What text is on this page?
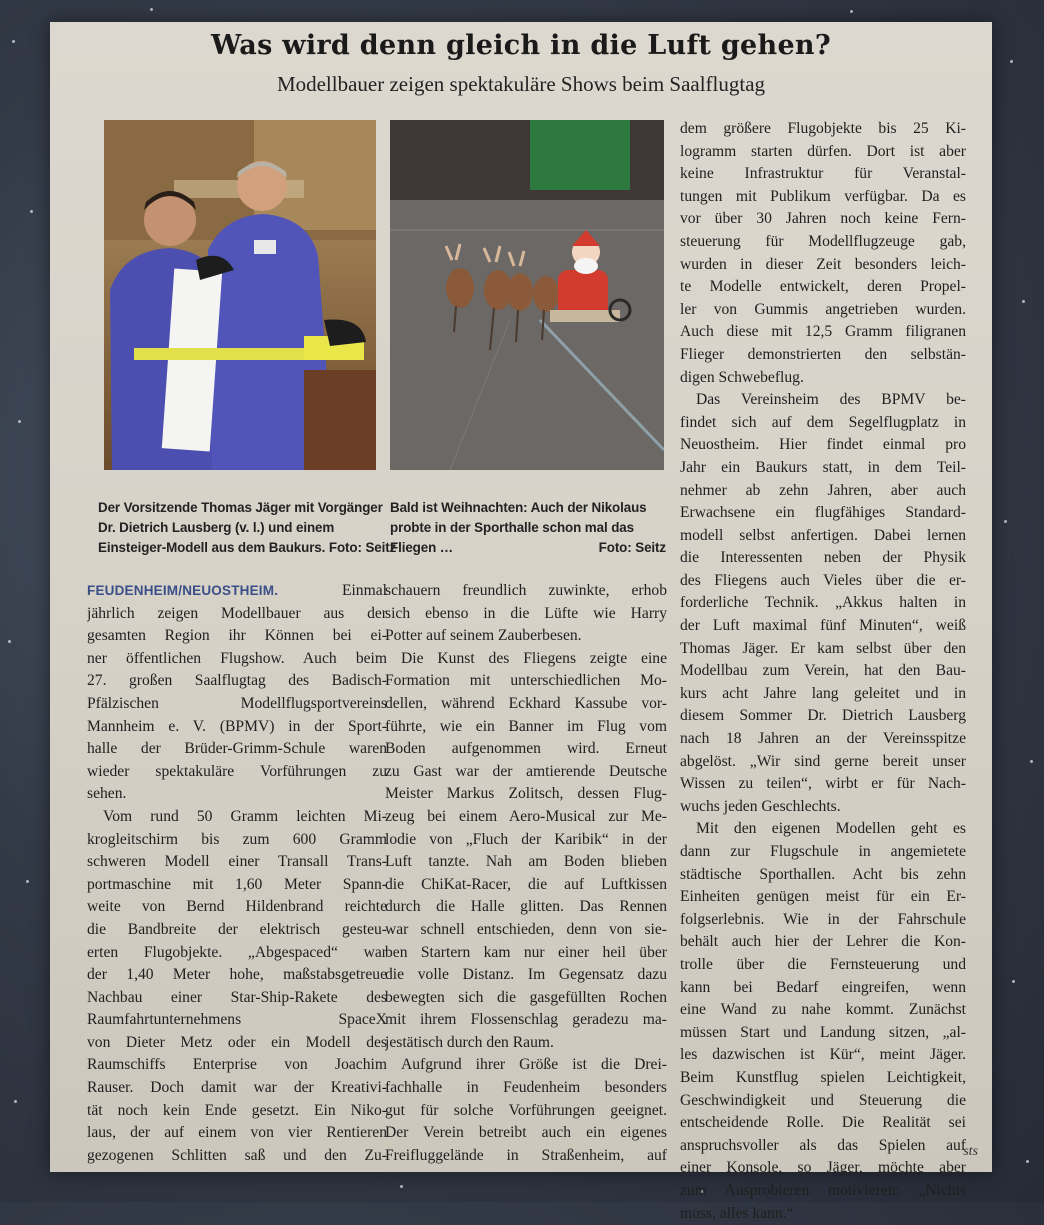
Was wird denn gleich in die Luft gehen?
Modellbauer zeigen spektakuläre Shows beim Saalflugtag
Der Vorsitzende Thomas Jäger mit Vorgänger
Dr. Dietrich Lausberg (v. l.) und einem
Einsteiger-Modell aus dem Baukurs. Foto: Seitz
Bald ist Weihnachten: Auch der Nikolaus
probte in der Sporthalle schon mal das
Fliegen …	Foto: Seitz
FEUDENHEIM/NEUOSTHEIM.	Einmal
jährlich zeigen Modellbauer aus der
gesamten Region ihr Können bei ei-
ner öffentlichen Flugshow. Auch beim
27. großen Saalflugtag des Badisch-
Pfälzischen Modellflugsportvereins
Mannheim e. V. (BPMV) in der Sport-
halle der Brüder-Grimm-Schule waren
wieder spektakuläre Vorführungen zu
sehen.
Vom rund 50 Gramm leichten Mi-
krogleitschirm bis zum 600 Gramm
schweren Modell einer Transall Trans-
portmaschine mit 1,60 Meter Spann-
weite von Bernd Hildenbrand reichte
die Bandbreite der elektrisch gesteu-
erten Flugobjekte. „Abgespaced“ war
der 1,40 Meter hohe, maßstabsgetreue
Nachbau einer Star-Ship-Rakete des
Raumfahrtunternehmens SpaceX
von Dieter Metz oder ein Modell des
Raumschiffs Enterprise von Joachim
Rauser. Doch damit war der Kreativi-
tät noch kein Ende gesetzt. Ein Niko-
laus, der auf einem von vier Rentieren
gezogenen Schlitten saß und den Zu-
schauern freundlich zuwinkte, erhob
sich ebenso in die Lüfte wie Harry
Potter auf seinem Zauberbesen.
Die Kunst des Fliegens zeigte eine
Formation mit unterschiedlichen Mo-
dellen, während Eckhard Kassube vor-
führte, wie ein Banner im Flug vom
Boden aufgenommen wird. Erneut
zu Gast war der amtierende Deutsche
Meister Markus Zolitsch, dessen Flug-
zeug bei einem Aero-Musical zur Me-
lodie von „Fluch der Karibik“ in der
Luft tanzte. Nah am Boden blieben
die ChiKat-Racer, die auf Luftkissen
durch die Halle glitten. Das Rennen
war schnell entschieden, denn von sie-
ben Startern kam nur einer heil über
die volle Distanz. Im Gegensatz dazu
bewegten sich die gasgefüllten Rochen
mit ihrem Flossenschlag geradezu ma-
jestätisch durch den Raum.
Aufgrund ihrer Größe ist die Drei-
fachhalle in Feudenheim besonders
gut für solche Vorführungen geeignet.
Der Verein betreibt auch ein eigenes
Freifluggelände in Straßenheim, auf
dem größere Flugobjekte bis 25 Ki-
logramm starten dürfen. Dort ist aber
keine Infrastruktur für Veranstal-
tungen mit Publikum verfügbar. Da es
vor über 30 Jahren noch keine Fern-
steuerung für Modellflugzeuge gab,
wurden in dieser Zeit besonders leich-
te Modelle entwickelt, deren Propel-
ler von Gummis angetrieben wurden.
Auch diese mit 12,5 Gramm filigranen
Flieger demonstrierten den selbstän-
digen Schwebeflug.
Das Vereinsheim des BPMV be-
findet sich auf dem Segelflugplatz in
Neuostheim. Hier findet einmal pro
Jahr ein Baukurs statt, in dem Teil-
nehmer ab zehn Jahren, aber auch
Erwachsene ein flugfähiges Standard-
modell selbst anfertigen. Dabei lernen
die Interessenten neben der Physik
des Fliegens auch Vieles über die er-
forderliche Technik. „Akkus halten in
der Luft maximal fünf Minuten“, weiß
Thomas Jäger. Er kam selbst über den
Modellbau zum Verein, hat den Bau-
kurs acht Jahre lang geleitet und in
diesem Sommer Dr. Dietrich Lausberg
nach 18 Jahren an der Vereinsspitze
abgelöst. „Wir sind gerne bereit unser
Wissen zu teilen“, wirbt er für Nach-
wuchs jeden Geschlechts.
Mit den eigenen Modellen geht es
dann zur Flugschule in angemietete
städtische Sporthallen. Acht bis zehn
Einheiten genügen meist für ein Er-
folgserlebnis. Wie in der Fahrschule
behält auch hier der Lehrer die Kon-
trolle über die Fernsteuerung und
kann bei Bedarf eingreifen, wenn
eine Wand zu nahe kommt. Zunächst
müssen Start und Landung sitzen, „al-
les dazwischen ist Kür“, meint Jäger.
Beim Kunstflug spielen Leichtigkeit,
Geschwindigkeit und Steuerung die
entscheidende Rolle. Die Realität sei
anspruchsvoller als das Spielen auf
einer Konsole, so Jäger, möchte aber
zum Ausprobieren motivieren: „Nichts
muss, alles kann.“
sts
